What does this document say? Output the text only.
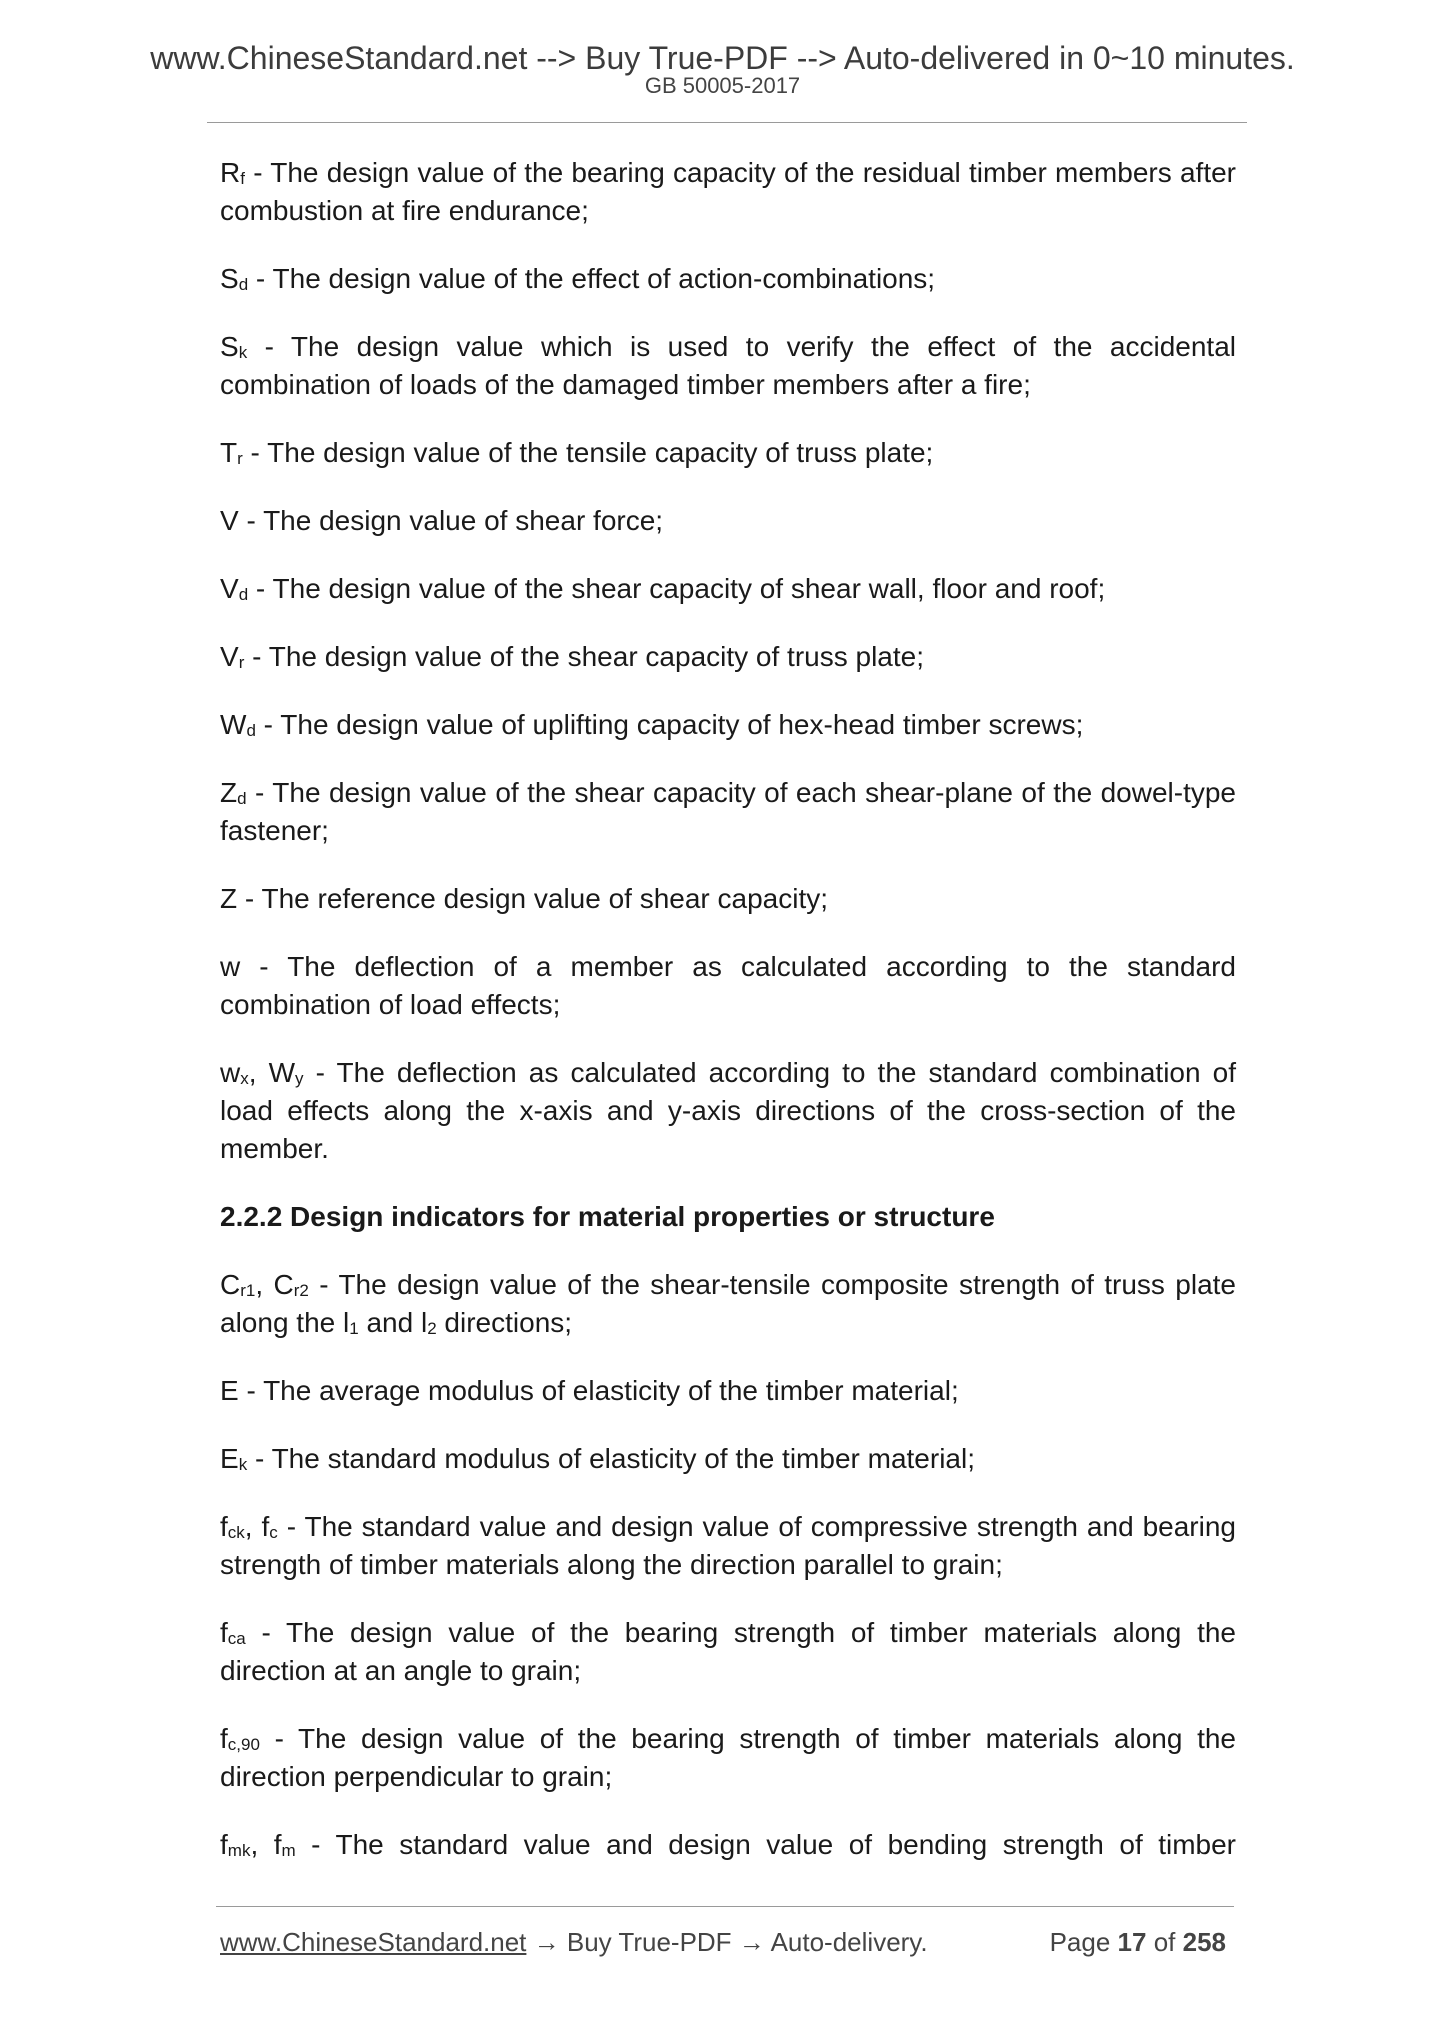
www.ChineseStandard.net --> Buy True-PDF --> Auto-delivered in 0~10 minutes.
GB 50005-2017

Rf - The design value of the bearing capacity of the residual timber members after combustion at fire endurance;

Sd - The design value of the effect of action-combinations;

Sk - The design value which is used to verify the effect of the accidental combination of loads of the damaged timber members after a fire;

Tr - The design value of the tensile capacity of truss plate;

V - The design value of shear force;

Vd - The design value of the shear capacity of shear wall, floor and roof;

Vr - The design value of the shear capacity of truss plate;

Wd - The design value of uplifting capacity of hex-head timber screws;

Zd - The design value of the shear capacity of each shear-plane of the dowel-type fastener;

Z - The reference design value of shear capacity;

w - The deflection of a member as calculated according to the standard combination of load effects;

wx, Wy - The deflection as calculated according to the standard combination of load effects along the x-axis and y-axis directions of the cross-section of the member.

2.2.2 Design indicators for material properties or structure

Cr1, Cr2 - The design value of the shear-tensile composite strength of truss plate along the l1 and l2 directions;

E - The average modulus of elasticity of the timber material;

Ek - The standard modulus of elasticity of the timber material;

fck, fc - The standard value and design value of compressive strength and bearing strength of timber materials along the direction parallel to grain;

fca - The design value of the bearing strength of timber materials along the direction at an angle to grain;

fc,90 - The design value of the bearing strength of timber materials along the direction perpendicular to grain;

fmk, fm - The standard value and design value of bending strength of timber

www.ChineseStandard.net → Buy True-PDF → Auto-delivery.	Page 17 of 258
